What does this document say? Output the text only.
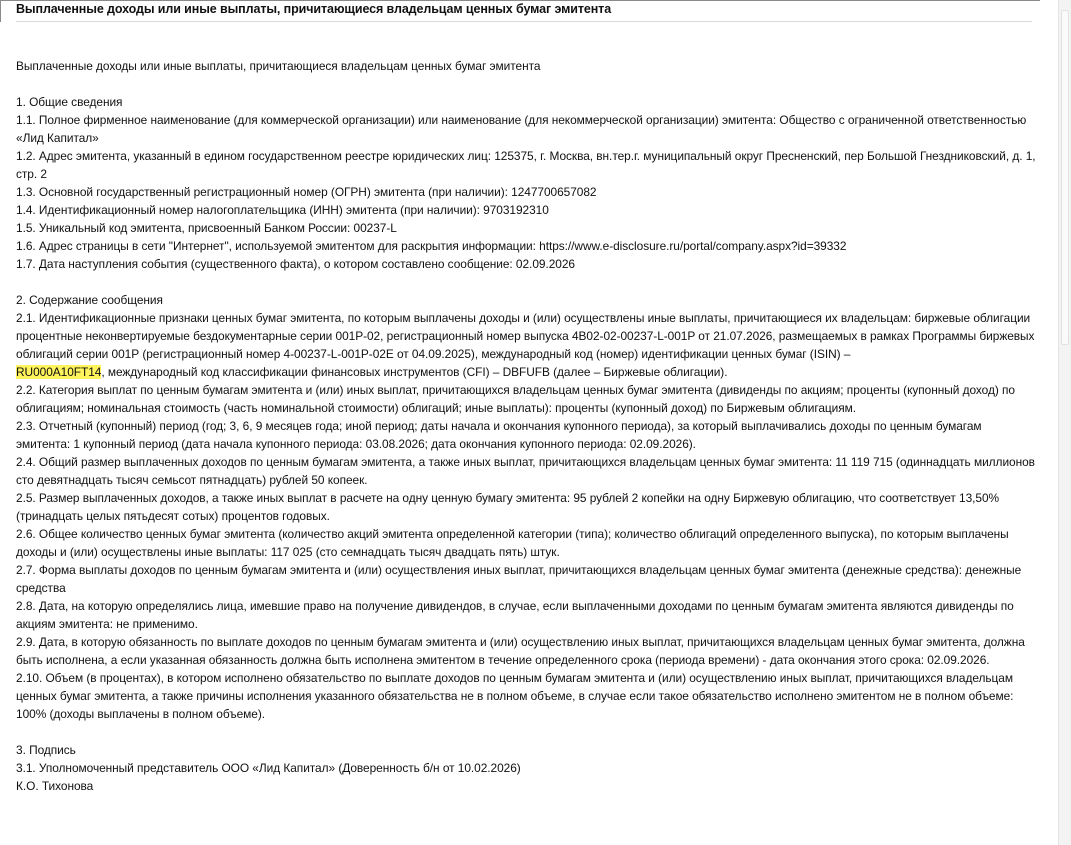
Выплаченные доходы или иные выплаты, причитающиеся владельцам ценных бумаг эмитента

Выплаченные доходы или иные выплаты, причитающиеся владельцам ценных бумаг эмитента

1. Общие сведения

1.1. Полное фирменное наименование (для коммерческой организации) или наименование (для некоммерческой организации) эмитента: Общество с ограниченной ответственностью «Лид Капитал»

1.2. Адрес эмитента, указанный в едином государственном реестре юридических лиц: 125375, г. Москва, вн.тер.г. муниципальный округ Пресненский, пер Большой Гнездниковский, д. 1, стр. 2

1.3. Основной государственный регистрационный номер (ОГРН) эмитента (при наличии): 1247700657082

1.4. Идентификационный номер налогоплательщика (ИНН) эмитента (при наличии): 9703192310

1.5. Уникальный код эмитента, присвоенный Банком России: 00237-L

1.6. Адрес страницы в сети "Интернет", используемой эмитентом для раскрытия информации: https://www.e-disclosure.ru/portal/company.aspx?id=39332

1.7. Дата наступления события (существенного факта), о котором составлено сообщение: 02.09.2026

2. Содержание сообщения

2.1. Идентификационные признаки ценных бумаг эмитента, по которым выплачены доходы и (или) осуществлены иные выплаты, причитающиеся их владельцам: биржевые облигации процентные неконвертируемые бездокументарные серии 001Р-02, регистрационный номер выпуска 4В02-02-00237-L-001P от 21.07.2026, размещаемых в рамках Программы биржевых облигаций серии 001Р (регистрационный номер 4-00237-L-001P-02E от 04.09.2025), международный код (номер) идентификации ценных бумаг (ISIN) –
RU000A10FT14, международный код классификации финансовых инструментов (CFI) – DBFUFB (далее – Биржевые облигации).

2.2. Категория выплат по ценным бумагам эмитента и (или) иных выплат, причитающихся владельцам ценных бумаг эмитента (дивиденды по акциям; проценты (купонный доход) по облигациям; номинальная стоимость (часть номинальной стоимости) облигаций; иные выплаты): проценты (купонный доход) по Биржевым облигациям.

2.3. Отчетный (купонный) период (год; 3, 6, 9 месяцев года; иной период; даты начала и окончания купонного периода), за который выплачивались доходы по ценным бумагам эмитента: 1 купонный период (дата начала купонного периода: 03.08.2026; дата окончания купонного периода: 02.09.2026).

2.4. Общий размер выплаченных доходов по ценным бумагам эмитента, а также иных выплат, причитающихся владельцам ценных бумаг эмитента: 11 119 715 (одиннадцать миллионов сто девятнадцать тысяч семьсот пятнадцать) рублей 50 копеек.

2.5. Размер выплаченных доходов, а также иных выплат в расчете на одну ценную бумагу эмитента: 95 рублей 2 копейки на одну Биржевую облигацию, что соответствует 13,50% (тринадцать целых пятьдесят сотых) процентов годовых.

2.6. Общее количество ценных бумаг эмитента (количество акций эмитента определенной категории (типа); количество облигаций определенного выпуска), по которым выплачены доходы и (или) осуществлены иные выплаты: 117 025 (сто семнадцать тысяч двадцать пять) штук.

2.7. Форма выплаты доходов по ценным бумагам эмитента и (или) осуществления иных выплат, причитающихся владельцам ценных бумаг эмитента (денежные средства): денежные средства

2.8. Дата, на которую определялись лица, имевшие право на получение дивидендов, в случае, если выплаченными доходами по ценным бумагам эмитента являются дивиденды по акциям эмитента: не применимо.

2.9. Дата, в которую обязанность по выплате доходов по ценным бумагам эмитента и (или) осуществлению иных выплат, причитающихся владельцам ценных бумаг эмитента, должна быть исполнена, а если указанная обязанность должна быть исполнена эмитентом в течение определенного срока (периода времени) - дата окончания этого срока: 02.09.2026.

2.10. Объем (в процентах), в котором исполнено обязательство по выплате доходов по ценным бумагам эмитента и (или) осуществлению иных выплат, причитающихся владельцам ценных бумаг эмитента, а также причины исполнения указанного обязательства не в полном объеме, в случае если такое обязательство исполнено эмитентом не в полном объеме: 100% (доходы выплачены в полном объеме).

3. Подпись

3.1. Уполномоченный представитель ООО «Лид Капитал» (Доверенность б/н от 10.02.2026)

К.О. Тихонова
